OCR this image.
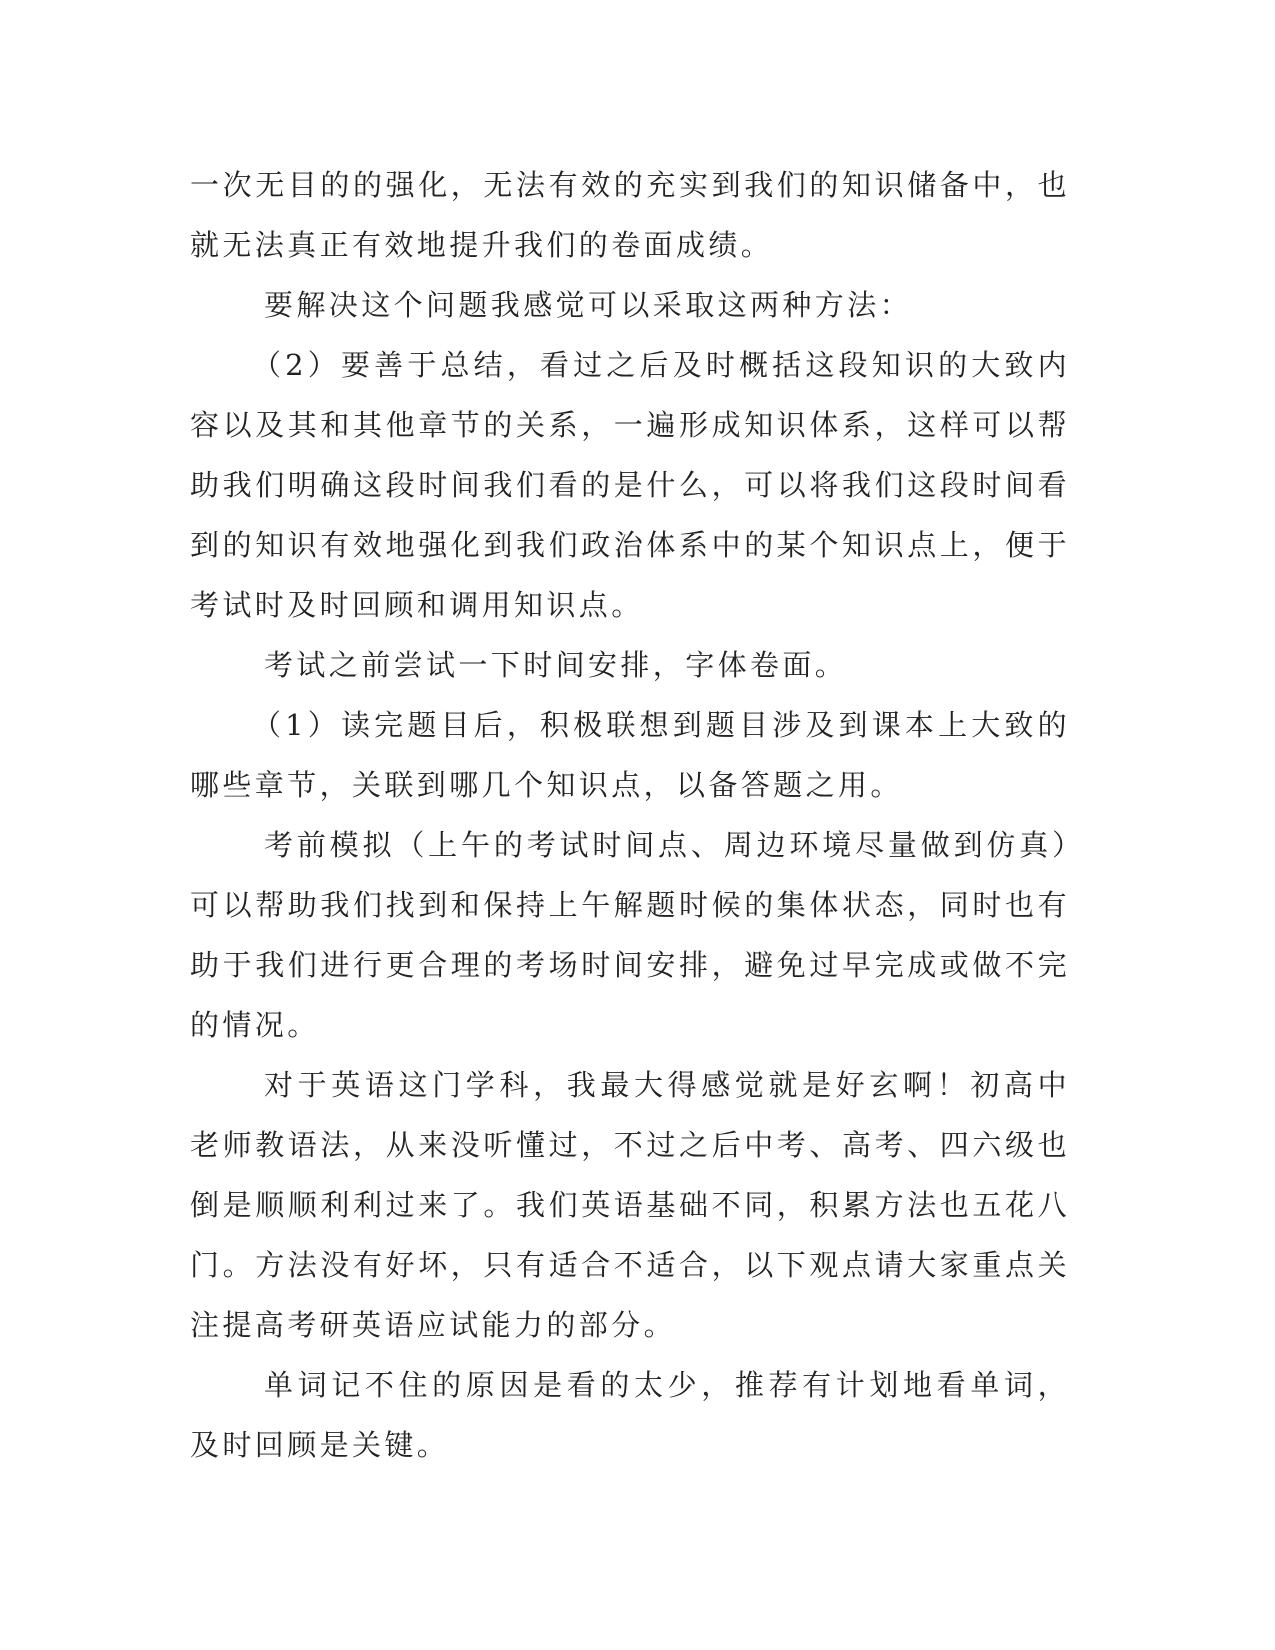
一次无目的的强化，无法有效的充实到我们的知识储备中，也就无法真正有效地提升我们的卷面成绩。

要解决这个问题我感觉可以采取这两种方法：

（2）要善于总结，看过之后及时概括这段知识的大致内容以及其和其他章节的关系，一遍形成知识体系，这样可以帮助我们明确这段时间我们看的是什么，可以将我们这段时间看到的知识有效地强化到我们政治体系中的某个知识点上，便于考试时及时回顾和调用知识点。

考试之前尝试一下时间安排，字体卷面。

（1）读完题目后，积极联想到题目涉及到课本上大致的哪些章节，关联到哪几个知识点，以备答题之用。

考前模拟（上午的考试时间点、周边环境尽量做到仿真）可以帮助我们找到和保持上午解题时候的集体状态，同时也有助于我们进行更合理的考场时间安排，避免过早完成或做不完的情况。

对于英语这门学科，我最大得感觉就是好玄啊！初高中老师教语法，从来没听懂过，不过之后中考、高考、四六级也倒是顺顺利利过来了。我们英语基础不同，积累方法也五花八门。方法没有好坏，只有适合不适合，以下观点请大家重点关注提高考研英语应试能力的部分。

单词记不住的原因是看的太少，推荐有计划地看单词，及时回顾是关键。
